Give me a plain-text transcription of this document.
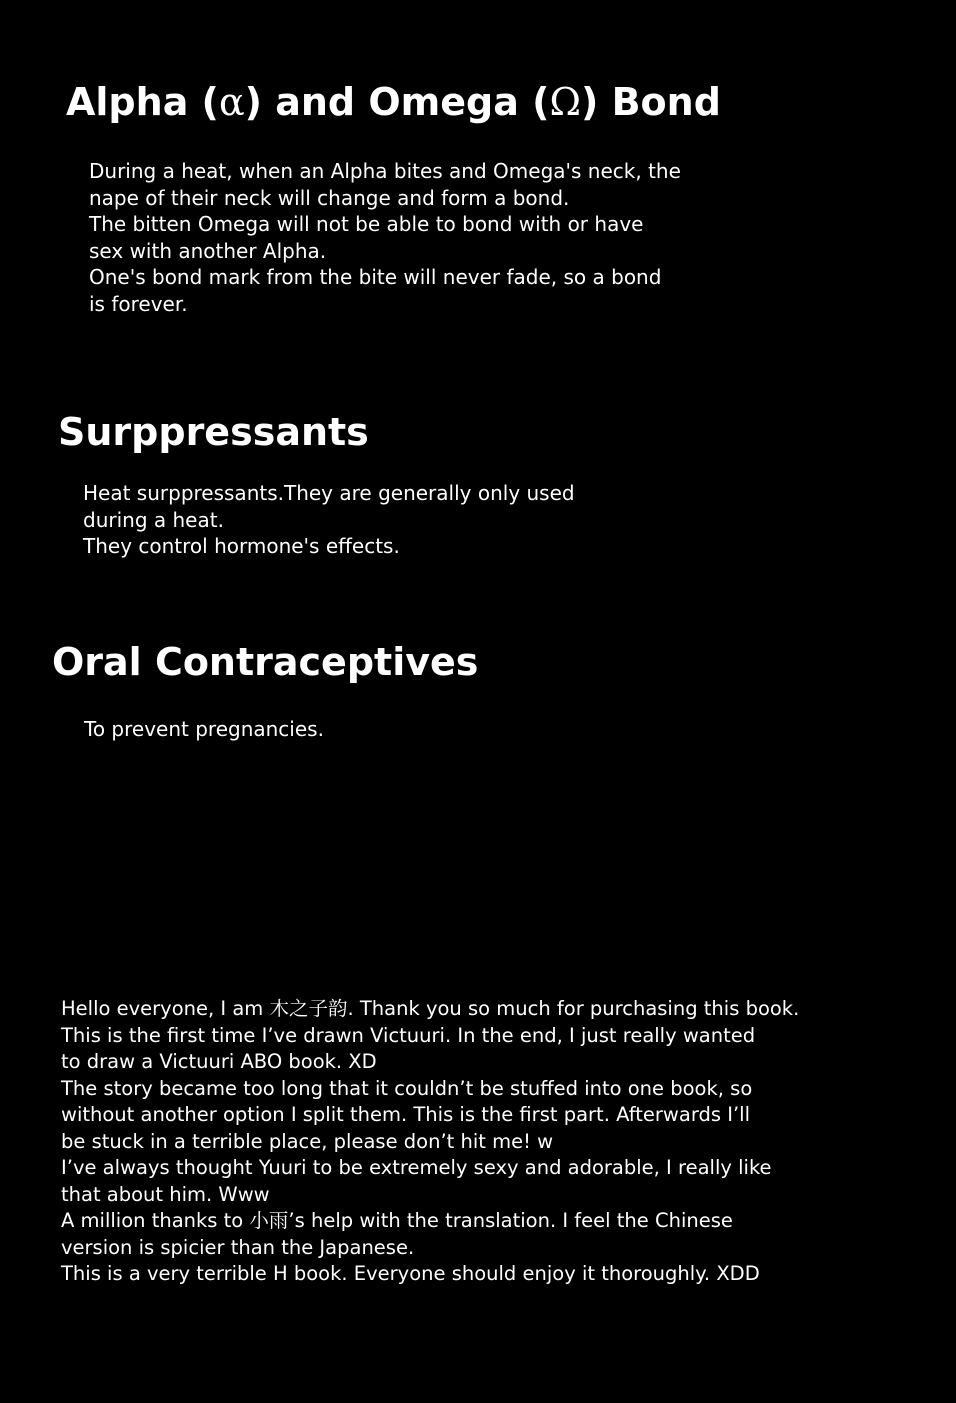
Alpha (α) and Omega (Ω) Bond

During a heat, when an Alpha bites and Omega's neck, the
nape of their neck will change and form a bond.
The bitten Omega will not be able to bond with or have
sex with another Alpha.
One's bond mark from the bite will never fade, so a bond
is forever.

Surppressants

Heat surppressants.They are generally only used
during a heat.
They control hormone's effects.

Oral Contraceptives

To prevent pregnancies.

Hello everyone, I am 木之子韵. Thank you so much for purchasing this book.
This is the first time I’ve drawn Victuuri. In the end, I just really wanted
to draw a Victuuri ABO book. XD
The story became too long that it couldn’t be stuffed into one book, so
without another option I split them. This is the first part. Afterwards I’ll
be stuck in a terrible place, please don’t hit me! w
I’ve always thought Yuuri to be extremely sexy and adorable, I really like
that about him. Www
A million thanks to 小雨’s help with the translation. I feel the Chinese
version is spicier than the Japanese.
This is a very terrible H book. Everyone should enjoy it thoroughly. XDD
